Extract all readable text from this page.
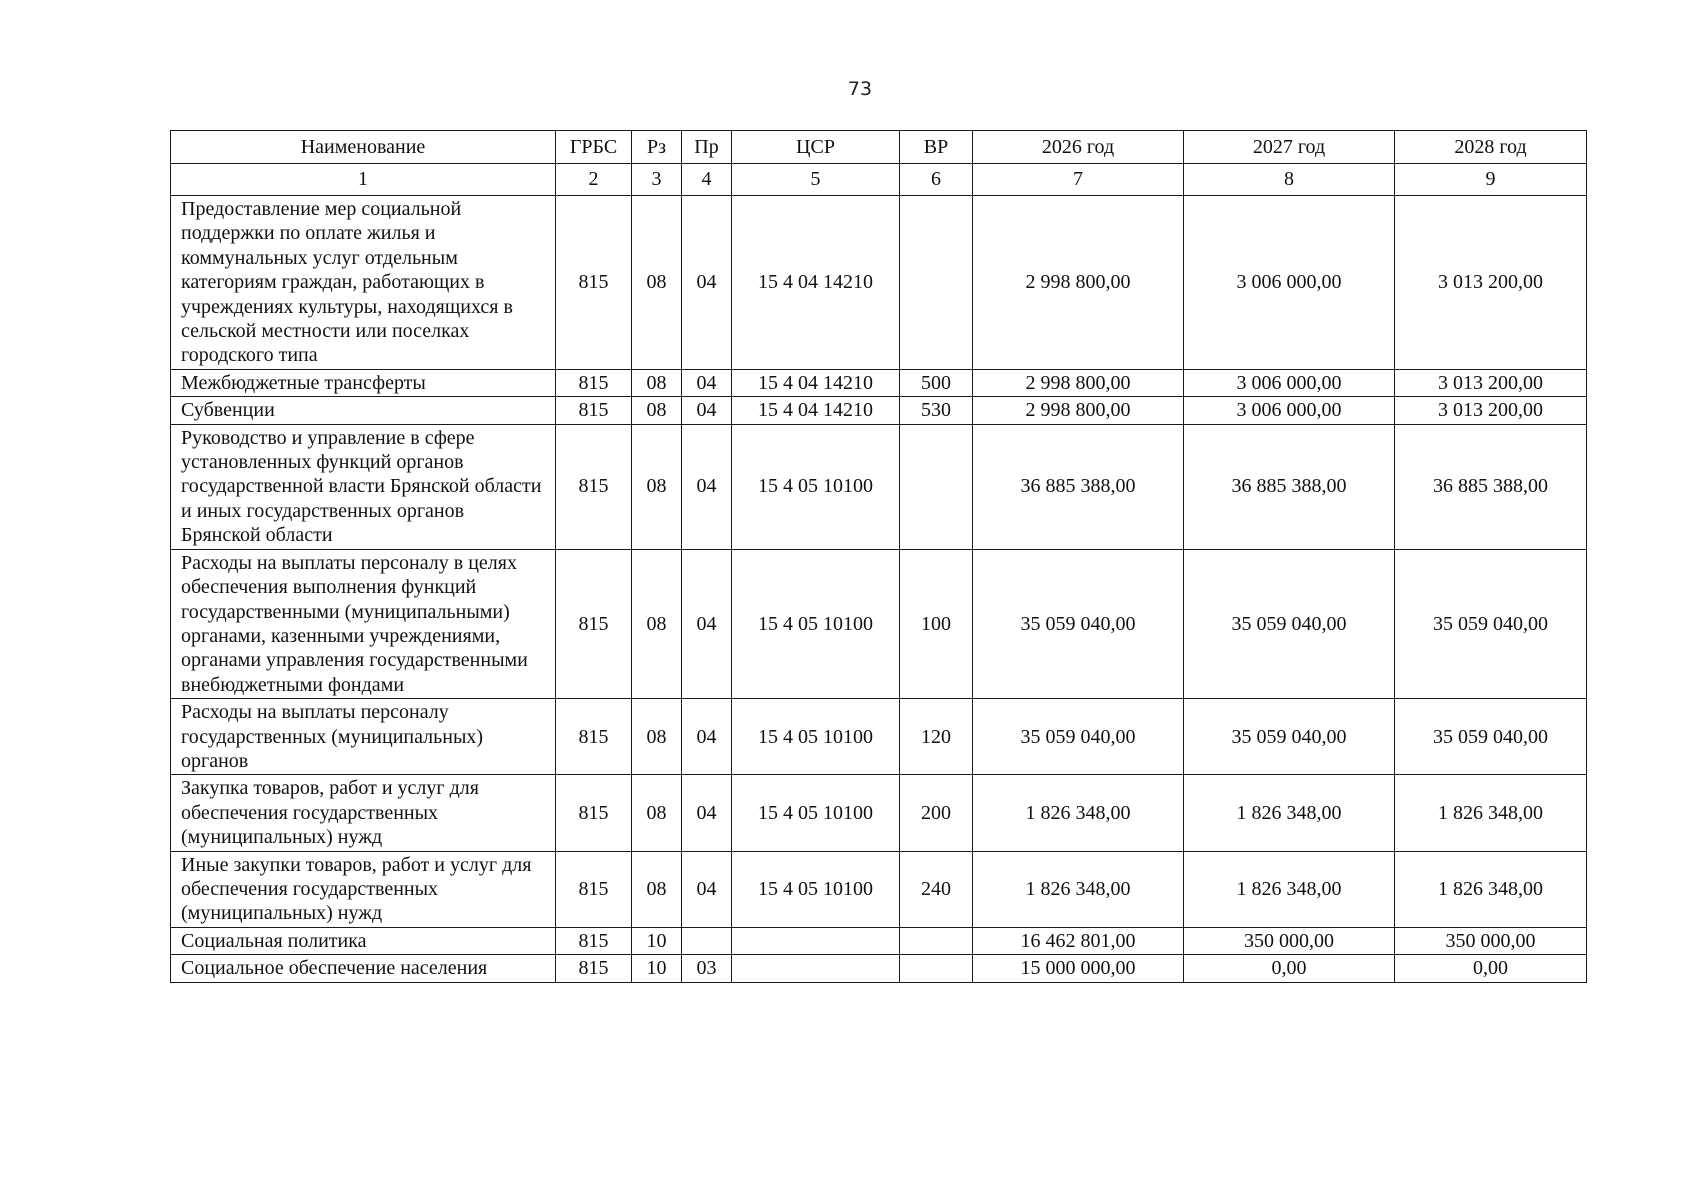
73
Наименование	ГРБС	Рз	Пр	ЦСР	ВР	2026 год	2027 год	2028 год
1	2	3	4	5	6	7	8	9
Предоставление мер социальной поддержки по оплате жилья и коммунальных услуг отдельным категориям граждан, работающих в учреждениях культуры, находящихся в сельской местности или поселках городского типа	815	08	04	15 4 04 14210		2 998 800,00	3 006 000,00	3 013 200,00
Межбюджетные трансферты	815	08	04	15 4 04 14210	500	2 998 800,00	3 006 000,00	3 013 200,00
Субвенции	815	08	04	15 4 04 14210	530	2 998 800,00	3 006 000,00	3 013 200,00
Руководство и управление в сфере установленных функций органов государственной власти Брянской области и иных государственных органов Брянской области	815	08	04	15 4 05 10100		36 885 388,00	36 885 388,00	36 885 388,00
Расходы на выплаты персоналу в целях обеспечения выполнения функций государственными (муниципальными) органами, казенными учреждениями, органами управления государственными внебюджетными фондами	815	08	04	15 4 05 10100	100	35 059 040,00	35 059 040,00	35 059 040,00
Расходы на выплаты персоналу государственных (муниципальных) органов	815	08	04	15 4 05 10100	120	35 059 040,00	35 059 040,00	35 059 040,00
Закупка товаров, работ и услуг для обеспечения государственных (муниципальных) нужд	815	08	04	15 4 05 10100	200	1 826 348,00	1 826 348,00	1 826 348,00
Иные закупки товаров, работ и услуг для обеспечения государственных (муниципальных) нужд	815	08	04	15 4 05 10100	240	1 826 348,00	1 826 348,00	1 826 348,00
Социальная политика	815	10				16 462 801,00	350 000,00	350 000,00
Социальное обеспечение населения	815	10	03			15 000 000,00	0,00	0,00
